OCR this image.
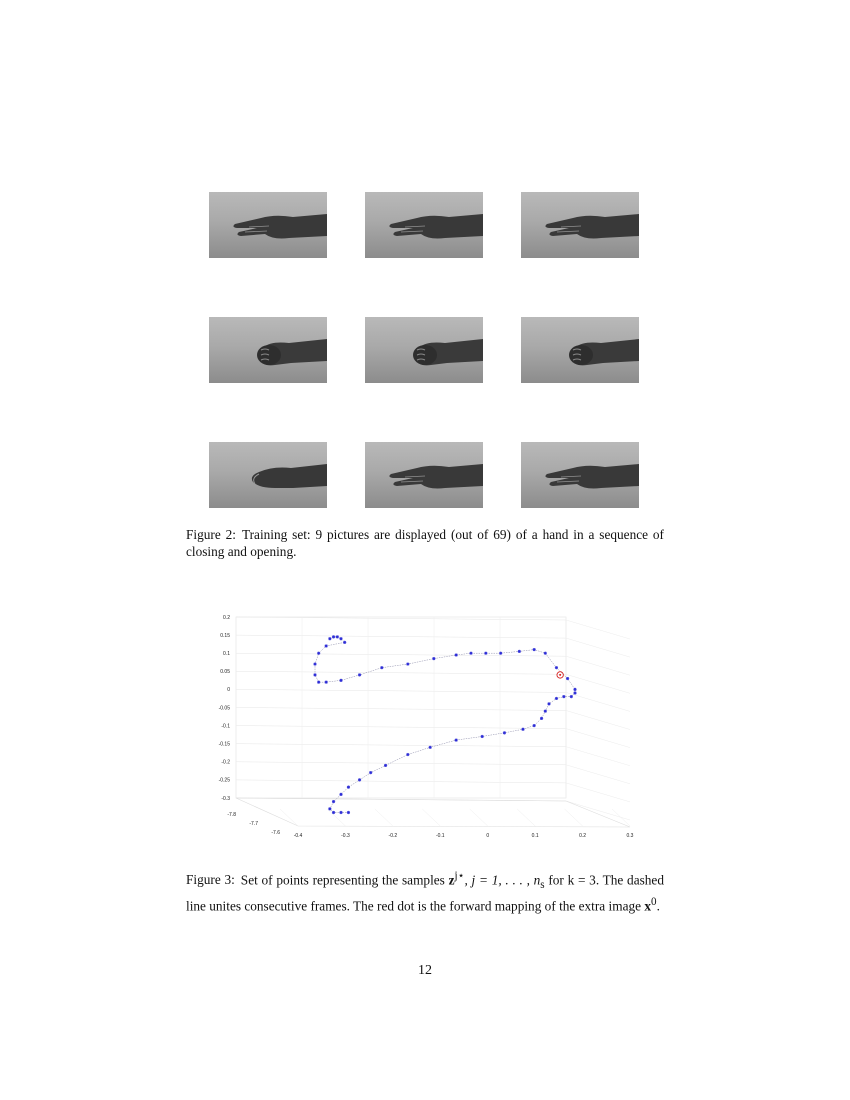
Figure 2: Training set: 9 pictures are displayed (out of 69) of a hand in a sequence of closing and opening.
0.2
0.15
0.1
0.05
0
-0.05
-0.1
-0.15
-0.2
-0.25
-0.3
-0.4	-0.3	-0.2	-0.1	0	0.1	0.2	0.3
-7.8
-7.7
-7.6
Figure 3: Set of points representing the samples $z^{j⋆}$, j = 1, . . . , $n_s$ for k = 3. The dashed line unites consecutive frames. The red dot is the forward mapping of the extra image $x^0$.
12
